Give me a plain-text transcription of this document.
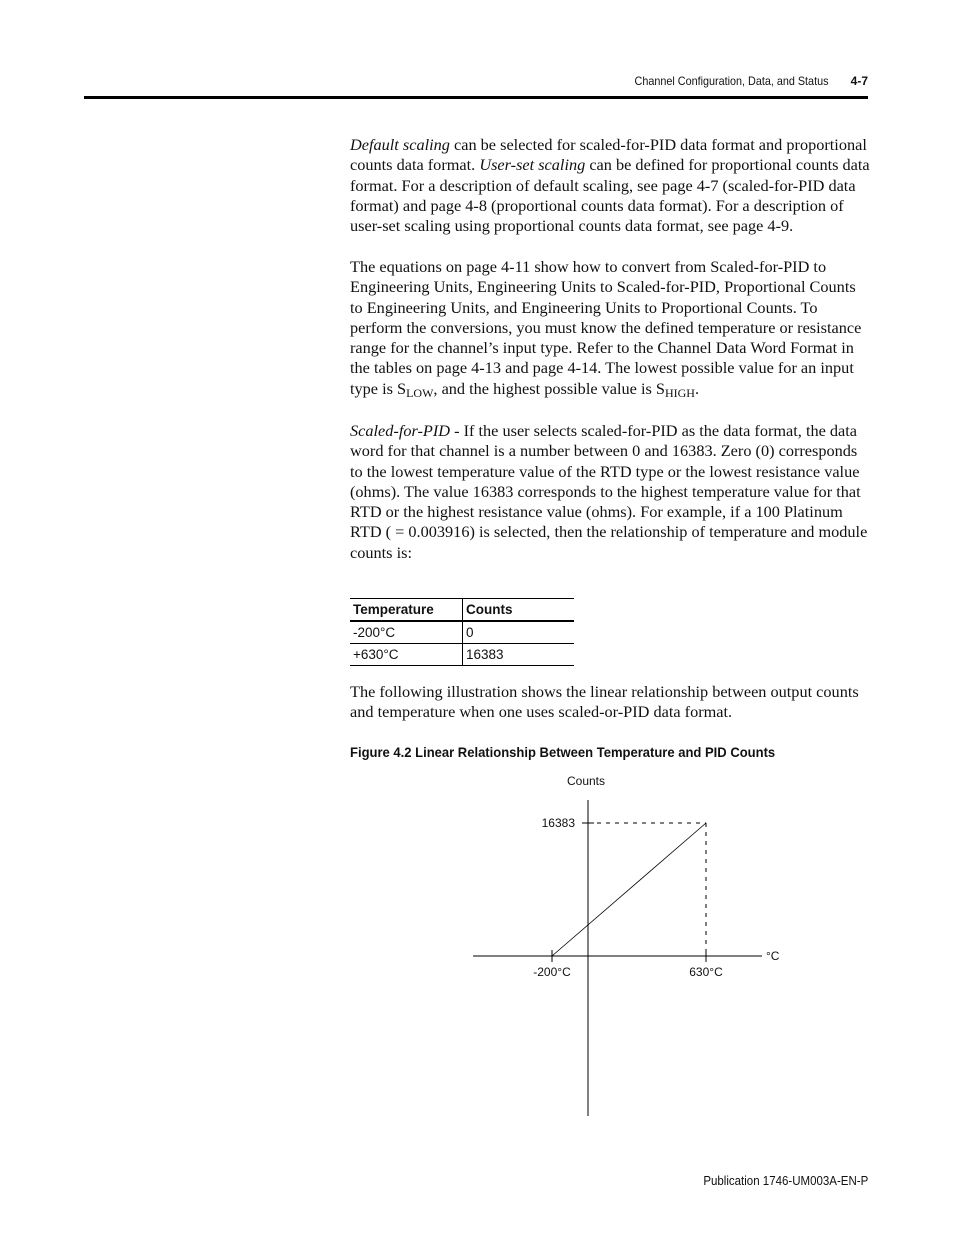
Channel Configuration, Data, and Status 4-7

Default scaling can be selected for scaled-for-PID data format and proportional counts data format. User-set scaling can be defined for proportional counts data format. For a description of default scaling, see page 4-7 (scaled-for-PID data format) and page 4-8 (proportional counts data format). For a description of user-set scaling using proportional counts data format, see page 4-9.

The equations on page 4-11 show how to convert from Scaled-for-PID to Engineering Units, Engineering Units to Scaled-for-PID, Proportional Counts to Engineering Units, and Engineering Units to Proportional Counts. To perform the conversions, you must know the defined temperature or resistance range for the channel’s input type. Refer to the Channel Data Word Format in the tables on page 4-13 and page 4-14. The lowest possible value for an input type is $S_{LOW}$, and the highest possible value is $S_{HIGH}$.

Scaled-for-PID - If the user selects scaled-for-PID as the data format, the data word for that channel is a number between 0 and 16383. Zero (0) corresponds to the lowest temperature value of the RTD type or the lowest resistance value (ohms). The value 16383 corresponds to the highest temperature value for that RTD or the highest resistance value (ohms). For example, if a 100 Platinum RTD ( = 0.003916) is selected, then the relationship of temperature and module counts is:

Temperature	Counts
-200°C	0
+630°C	16383

The following illustration shows the linear relationship between output counts and temperature when one uses scaled-or-PID data format.

Figure 4.2 Linear Relationship Between Temperature and PID Counts
Counts
°C
-200°C	630°C
16383
Publication 1746-UM003A-EN-P
